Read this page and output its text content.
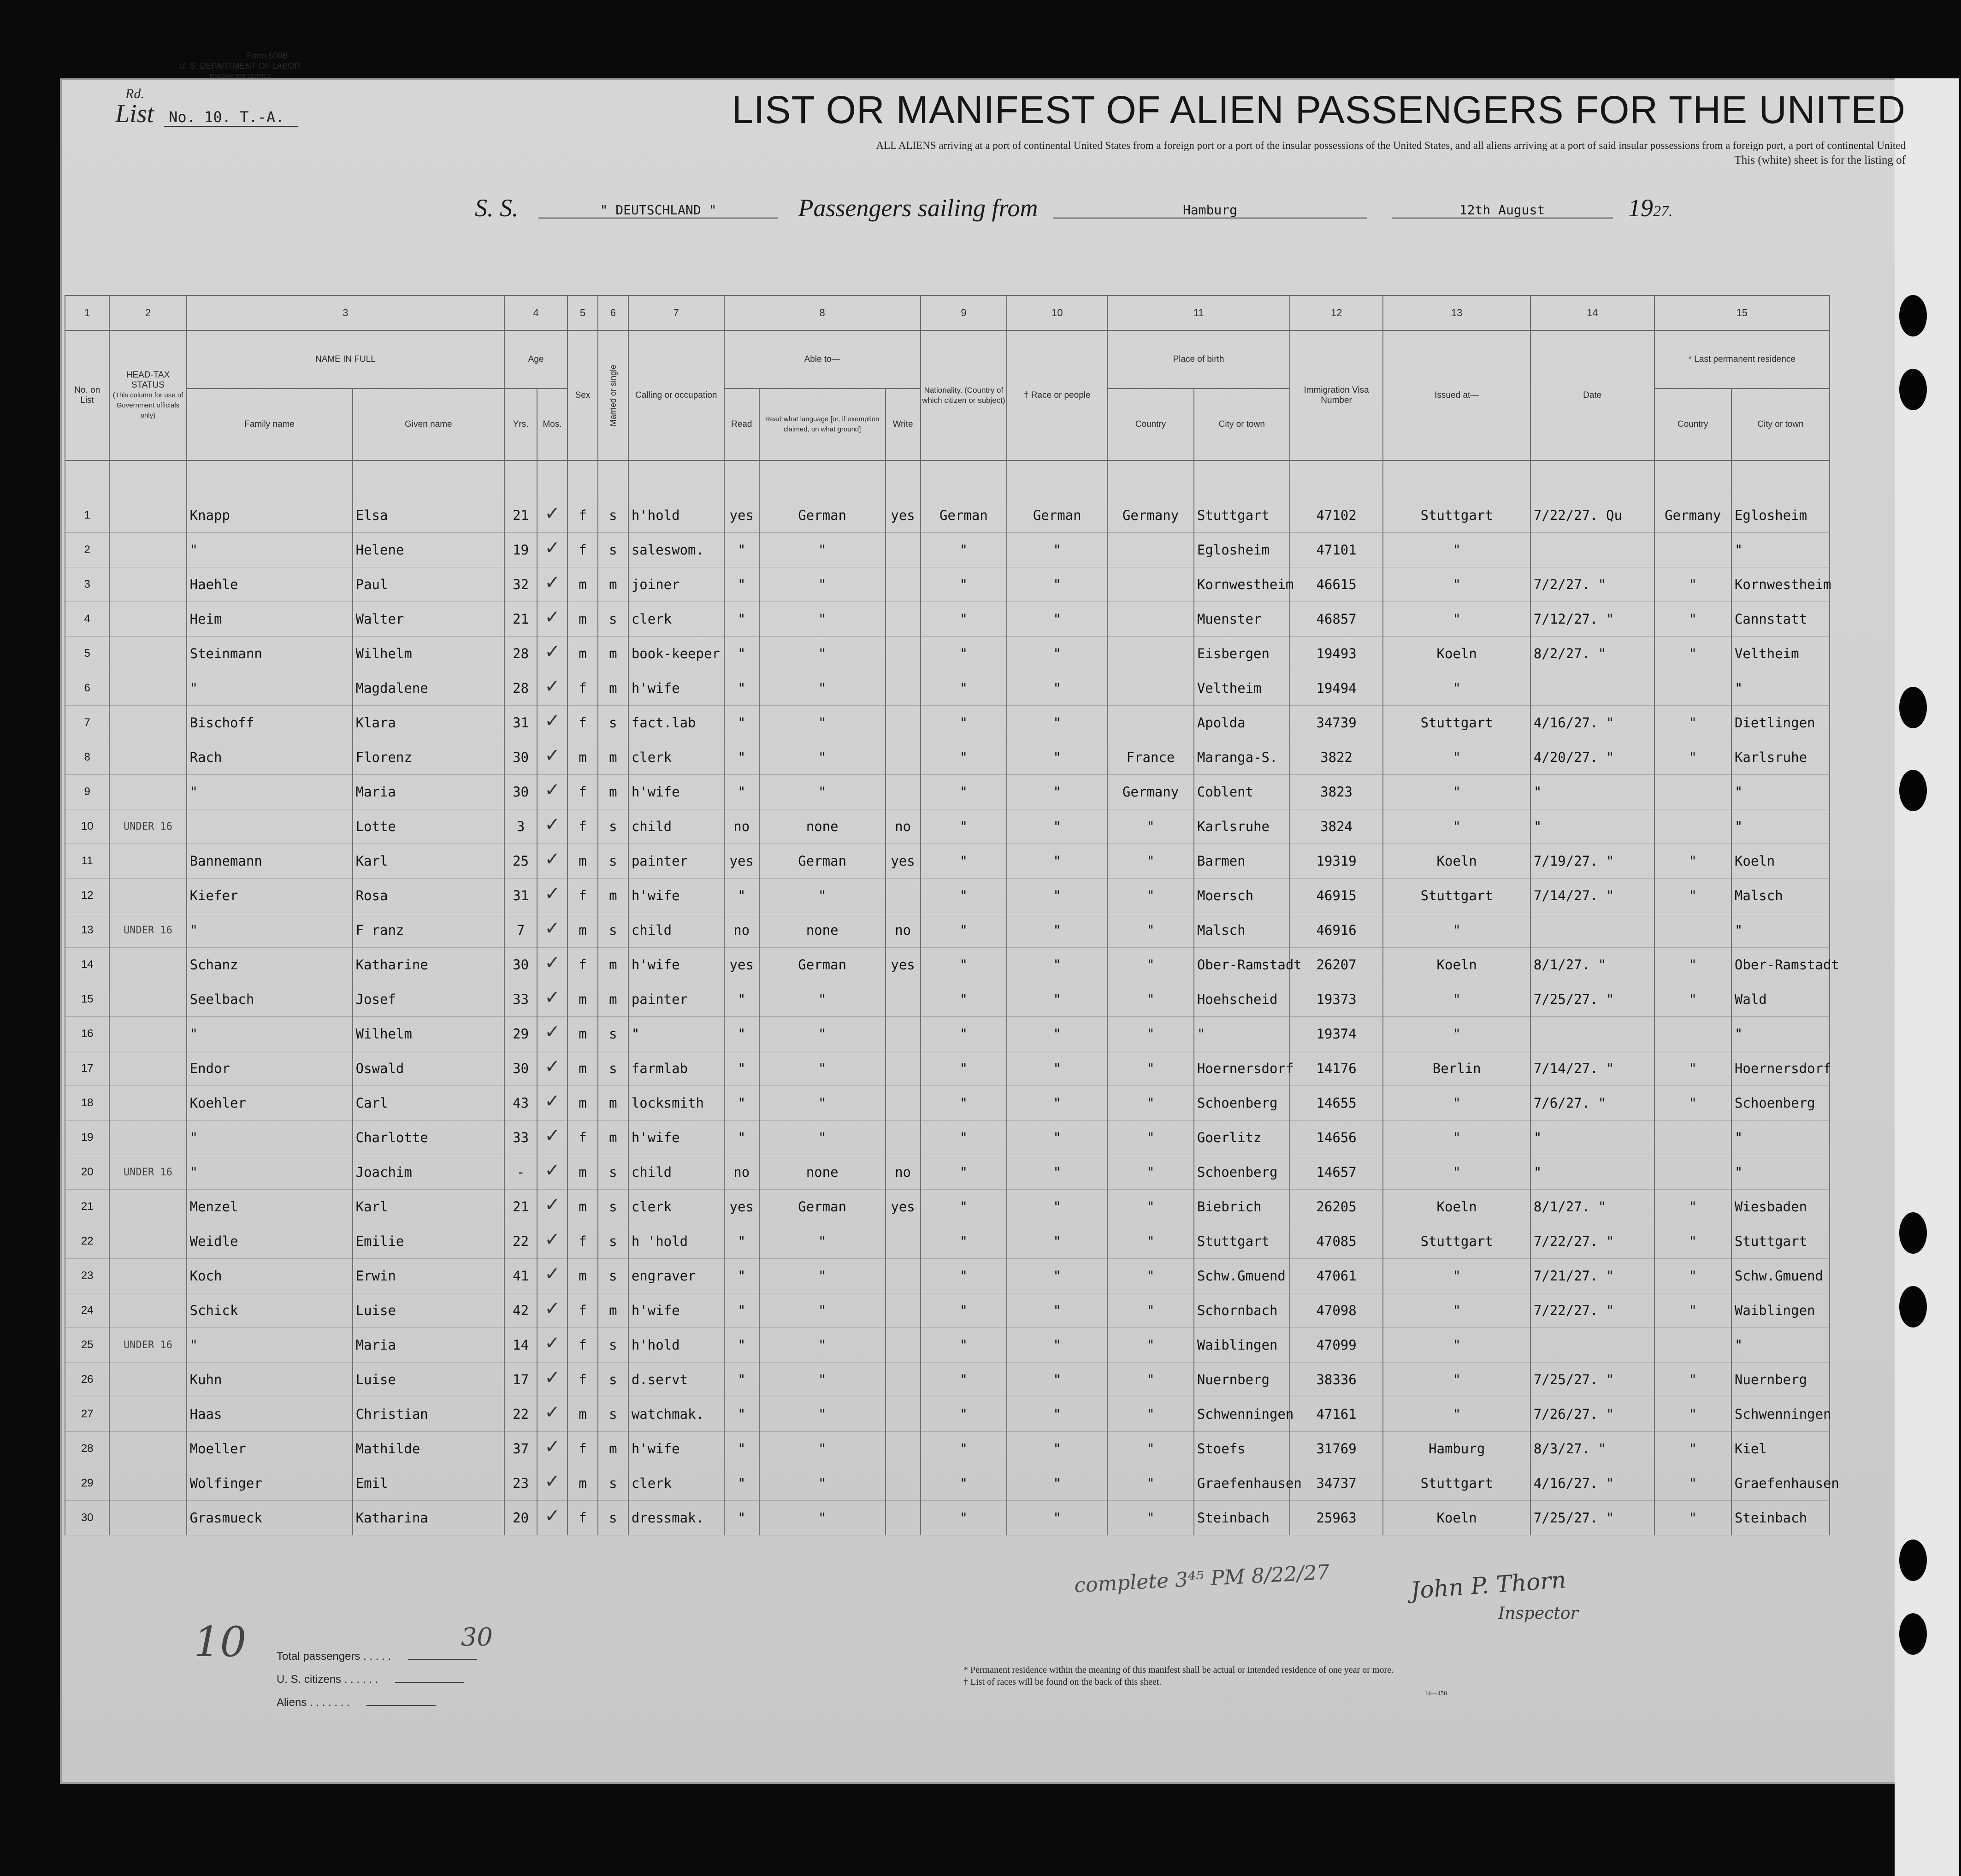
Form 500B
U. S. DEPARTMENT OF LABOR
IMMIGRATION SERVICE
Rd.
List No. 10. T.-A.	LIST OR MANIFEST OF ALIEN PASSENGERS FOR THE UNITED
ALL ALIENS arriving at a port of continental United States from a foreign port or a port of the insular possessions of the United States, and all aliens arriving at a port of said insular possessions from a foreign port, a port of continental United
This (white) sheet is for the listing of
S. S.	" DEUTSCHLAND "	Passengers sailing from	Hamburg	12th August	1927.
1	2	3		4		5	6	7	8			9	10	11		12	13	14	15	
No. on List	HEAD-TAX STATUS
(This column for use of Government officials only)	NAME IN FULL		Age		Sex	Married or single	Calling or occupation	Able to—			Nationality. (Country of which citizen or subject)	† Race or people	Place of birth		Immigration Visa Number	Issued at—	Date	* Last permanent residence	
		Family name	Given name	Yrs.	Mos.				Read	Read what language [or, if exemption claimed, on what ground]	Write			Country	City or town				Country	City or town

1		Knapp	Elsa	21	✓	f	s	h'hold	yes	German	yes	German	German	Germany	Stuttgart	47102	Stuttgart	7/22/27. Qu	Germany	Eglosheim
2		"	Helene	19	✓	f	s	saleswom.	"	"		"	"		Eglosheim	47101	"			"
3		Haehle	Paul	32	✓	m	m	joiner	"	"		"	"		Kornwestheim	46615	"	7/2/27. "	"	Kornwestheim
4		Heim	Walter	21	✓	m	s	clerk	"	"		"	"		Muenster	46857	"	7/12/27. "	"	Cannstatt
5		Steinmann	Wilhelm	28	✓	m	m	book-keeper	"	"		"	"		Eisbergen	19493	Koeln	8/2/27. "	"	Veltheim
6		"	Magdalene	28	✓	f	m	h'wife	"	"		"	"		Veltheim	19494	"			"
7		Bischoff	Klara	31	✓	f	s	fact.lab	"	"		"	"		Apolda	34739	Stuttgart	4/16/27. "	"	Dietlingen
8		Rach	Florenz	30	✓	m	m	clerk	"	"		"	"	France	Maranga-S.	3822	"	4/20/27. "	"	Karlsruhe
9		"	Maria	30	✓	f	m	h'wife	"	"		"	"	Germany	Coblent	3823	"	"		"
10	UNDER 16		Lotte	3	✓	f	s	child	no	none	no	"	"	"	Karlsruhe	3824	"	"		"
11		Bannemann	Karl	25	✓	m	s	painter	yes	German	yes	"	"	"	Barmen	19319	Koeln	7/19/27. "	"	Koeln
12		Kiefer	Rosa	31	✓	f	m	h'wife	"	"		"	"	"	Moersch	46915	Stuttgart	7/14/27. "	"	Malsch
13	UNDER 16	"	F ranz	7	✓	m	s	child	no	none	no	"	"	"	Malsch	46916	"			"
14		Schanz	Katharine	30	✓	f	m	h'wife	yes	German	yes	"	"	"	Ober-Ramstadt	26207	Koeln	8/1/27. "	"	Ober-Ramstadt
15		Seelbach	Josef	33	✓	m	m	painter	"	"		"	"	"	Hoehscheid	19373	"	7/25/27. "	"	Wald
16		"	Wilhelm	29	✓	m	s	"	"	"		"	"	"	"	19374	"			"
17		Endor	Oswald	30	✓	m	s	farmlab	"	"		"	"	"	Hoernersdorf	14176	Berlin	7/14/27. "	"	Hoernersdorf
18		Koehler	Carl	43	✓	m	m	locksmith	"	"		"	"	"	Schoenberg	14655	"	7/6/27. "	"	Schoenberg
19		"	Charlotte	33	✓	f	m	h'wife	"	"		"	"	"	Goerlitz	14656	"	"		"
20	UNDER 16	"	Joachim	-	✓	m	s	child	no	none	no	"	"	"	Schoenberg	14657	"	"		"
21		Menzel	Karl	21	✓	m	s	clerk	yes	German	yes	"	"	"	Biebrich	26205	Koeln	8/1/27. "	"	Wiesbaden
22		Weidle	Emilie	22	✓	f	s	h 'hold	"	"		"	"	"	Stuttgart	47085	Stuttgart	7/22/27. "	"	Stuttgart
23		Koch	Erwin	41	✓	m	s	engraver	"	"		"	"	"	Schw.Gmuend	47061	"	7/21/27. "	"	Schw.Gmuend
24		Schick	Luise	42	✓	f	m	h'wife	"	"		"	"	"	Schornbach	47098	"	7/22/27. "	"	Waiblingen
25	UNDER 16	"	Maria	14	✓	f	s	h'hold	"	"		"	"	"	Waiblingen	47099	"			"
26		Kuhn	Luise	17	✓	f	s	d.servt	"	"		"	"	"	Nuernberg	38336	"	7/25/27. "	"	Nuernberg
27		Haas	Christian	22	✓	m	s	watchmak.	"	"		"	"	"	Schwenningen	47161	"	7/26/27. "	"	Schwenningen
28		Moeller	Mathilde	37	✓	f	m	h'wife	"	"		"	"	"	Stoefs	31769	Hamburg	8/3/27. "	"	Kiel
29		Wolfinger	Emil	23	✓	m	s	clerk	"	"		"	"	"	Graefenhausen	34737	Stuttgart	4/16/27. "	"	Graefenhausen
30		Grasmueck	Katharina	20	✓	f	s	dressmak.	"	"		"	"	"	Steinbach	25963	Koeln	7/25/27. "	"	Steinbach
10	30
Total passengers . . . . .
U. S. citizens . . . . . .
Aliens . . . . . . .
complete 3⁴⁵ PM 8/22/27	John P. Thorn
Inspector
* Permanent residence within the meaning of this manifest shall be actual or intended residence of one year or more.
† List of races will be found on the back of this sheet.
14—450
